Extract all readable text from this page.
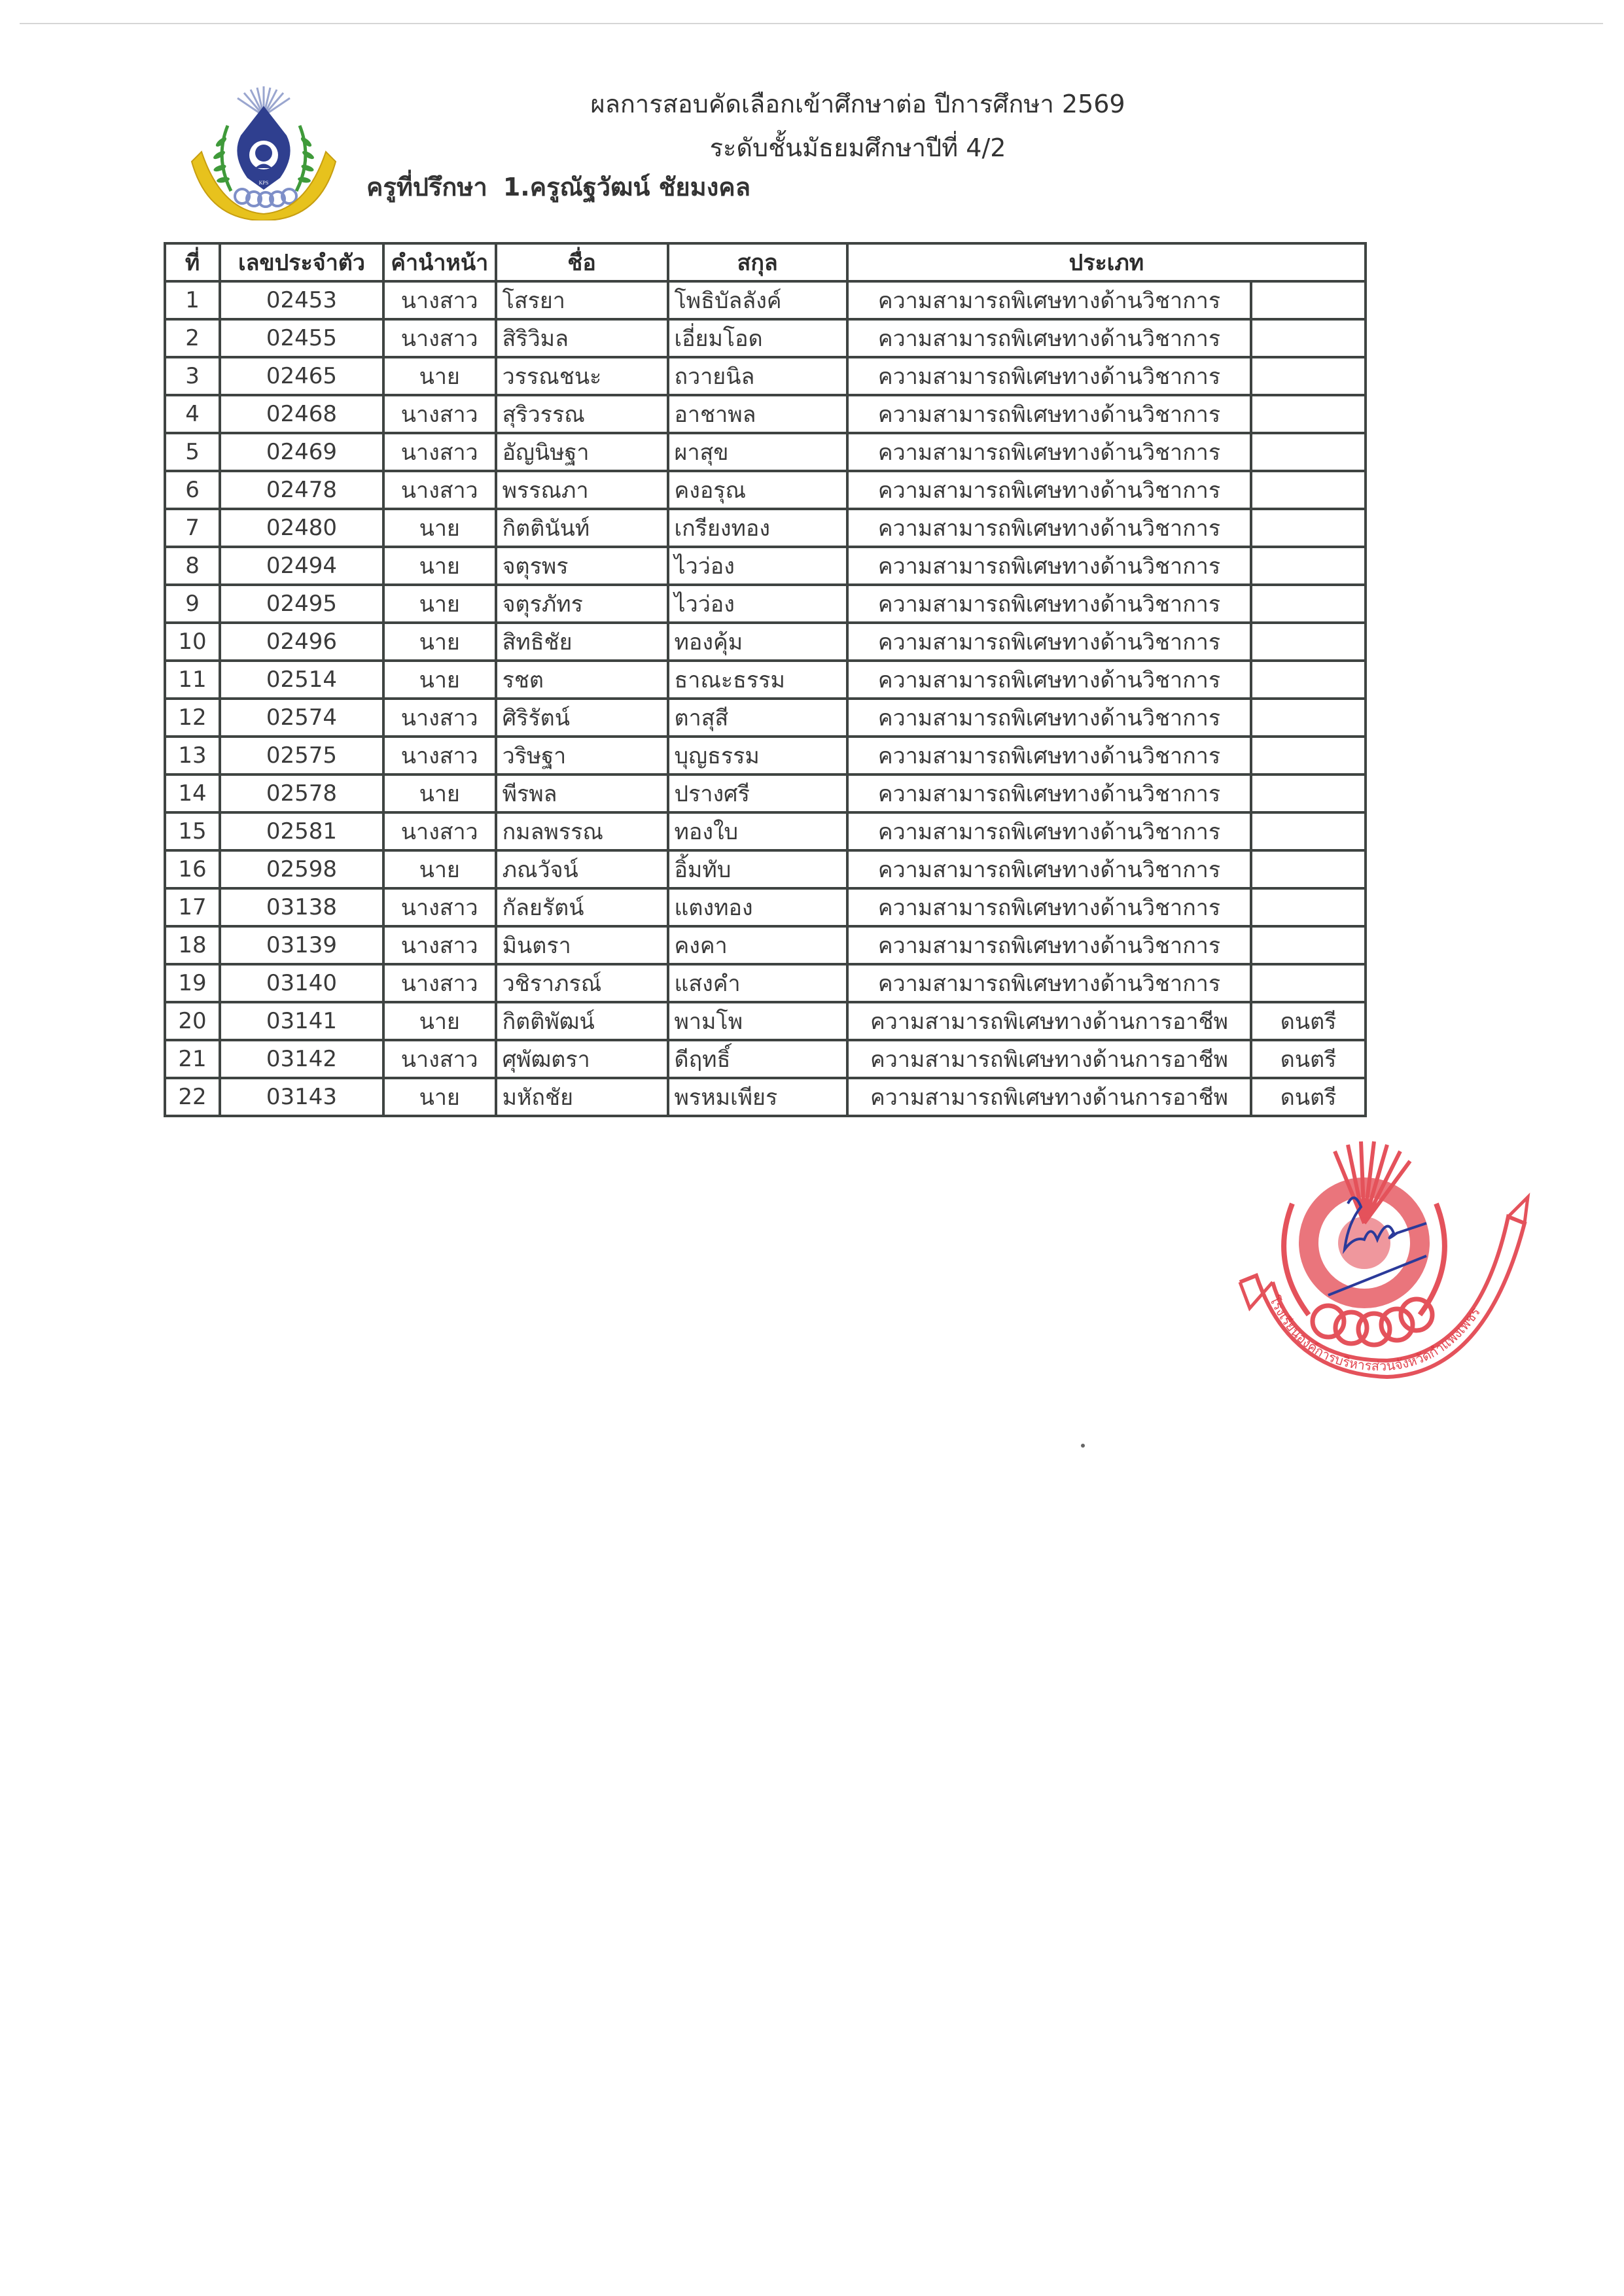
KPS
ผลการสอบคัดเลือกเข้าศึกษาต่อ ปีการศึกษา 2569
ระดับชั้นมัธยมศึกษาปีที่ 4/2
ครูที่ปรึกษา 1.ครูณัฐวัฒน์ ชัยมงคล
ที่	เลขประจำตัว	คำนำหน้า	ชื่อ	สกุล	ประเภท	
1	02453	นางสาว	โสรยา	โพธิบัลลังค์	ความสามารถพิเศษทางด้านวิชาการ	
2	02455	นางสาว	สิริวิมล	เอี่ยมโอด	ความสามารถพิเศษทางด้านวิชาการ	
3	02465	นาย	วรรณชนะ	ถวายนิล	ความสามารถพิเศษทางด้านวิชาการ	
4	02468	นางสาว	สุริวรรณ	อาชาพล	ความสามารถพิเศษทางด้านวิชาการ	
5	02469	นางสาว	อัญนิษฐา	ผาสุข	ความสามารถพิเศษทางด้านวิชาการ	
6	02478	นางสาว	พรรณภา	คงอรุณ	ความสามารถพิเศษทางด้านวิชาการ	
7	02480	นาย	กิตตินันท์	เกรียงทอง	ความสามารถพิเศษทางด้านวิชาการ	
8	02494	นาย	จตุรพร	ไวว่อง	ความสามารถพิเศษทางด้านวิชาการ	
9	02495	นาย	จตุรภัทร	ไวว่อง	ความสามารถพิเศษทางด้านวิชาการ	
10	02496	นาย	สิทธิชัย	ทองคุ้ม	ความสามารถพิเศษทางด้านวิชาการ	
11	02514	นาย	รชต	ธาณะธรรม	ความสามารถพิเศษทางด้านวิชาการ	
12	02574	นางสาว	ศิริรัตน์	ตาสุสี	ความสามารถพิเศษทางด้านวิชาการ	
13	02575	นางสาว	วริษฐา	บุญธรรม	ความสามารถพิเศษทางด้านวิชาการ	
14	02578	นาย	พีรพล	ปรางศรี	ความสามารถพิเศษทางด้านวิชาการ	
15	02581	นางสาว	กมลพรรณ	ทองใบ	ความสามารถพิเศษทางด้านวิชาการ	
16	02598	นาย	ภณวัจน์	อิ้มทับ	ความสามารถพิเศษทางด้านวิชาการ	
17	03138	นางสาว	กัลยรัตน์	แตงทอง	ความสามารถพิเศษทางด้านวิชาการ	
18	03139	นางสาว	มินตรา	คงคา	ความสามารถพิเศษทางด้านวิชาการ	
19	03140	นางสาว	วชิราภรณ์	แสงคำ	ความสามารถพิเศษทางด้านวิชาการ	
20	03141	นาย	กิตติพัฒน์	พามโพ	ความสามารถพิเศษทางด้านการอาชีพ	ดนตรี
21	03142	นางสาว	ศุพัฒตรา	ดีฤทธิ์	ความสามารถพิเศษทางด้านการอาชีพ	ดนตรี
22	03143	นาย	มหัถชัย	พรหมเพียร	ความสามารถพิเศษทางด้านการอาชีพ	ดนตรี
โรงเรียนองค์การบริหารส่วนจังหวัดกำแพงเพชร
